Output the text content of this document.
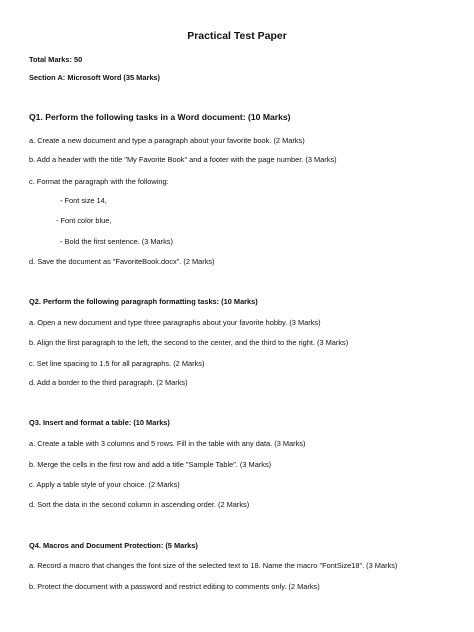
Practical Test Paper
Total Marks: 50
Section A: Microsoft Word (35 Marks)
Q1. Perform the following tasks in a Word document: (10 Marks)
a. Create a new document and type a paragraph about your favorite book. (2 Marks)
b. Add a header with the title "My Favorite Book" and a footer with the page number. (3 Marks)
c. Format the paragraph with the following:
- Font size 14,
- Font color blue,
- Bold the first sentence. (3 Marks)
d. Save the document as "FavoriteBook.docx". (2 Marks)
Q2. Perform the following paragraph formatting tasks: (10 Marks)
a. Open a new document and type three paragraphs about your favorite hobby. (3 Marks)
b. Align the first paragraph to the left, the second to the center, and the third to the right. (3 Marks)
c. Set line spacing to 1.5 for all paragraphs. (2 Marks)
d. Add a border to the third paragraph. (2 Marks)
Q3. Insert and format a table: (10 Marks)
a. Create a table with 3 columns and 5 rows. Fill in the table with any data. (3 Marks)
b. Merge the cells in the first row and add a title "Sample Table". (3 Marks)
c. Apply a table style of your choice. (2 Marks)
d. Sort the data in the second column in ascending order. (2 Marks)
Q4. Macros and Document Protection: (5 Marks)
a. Record a macro that changes the font size of the selected text to 18. Name the macro "FontSize18". (3 Marks)
b. Protect the document with a password and restrict editing to comments only. (2 Marks)
